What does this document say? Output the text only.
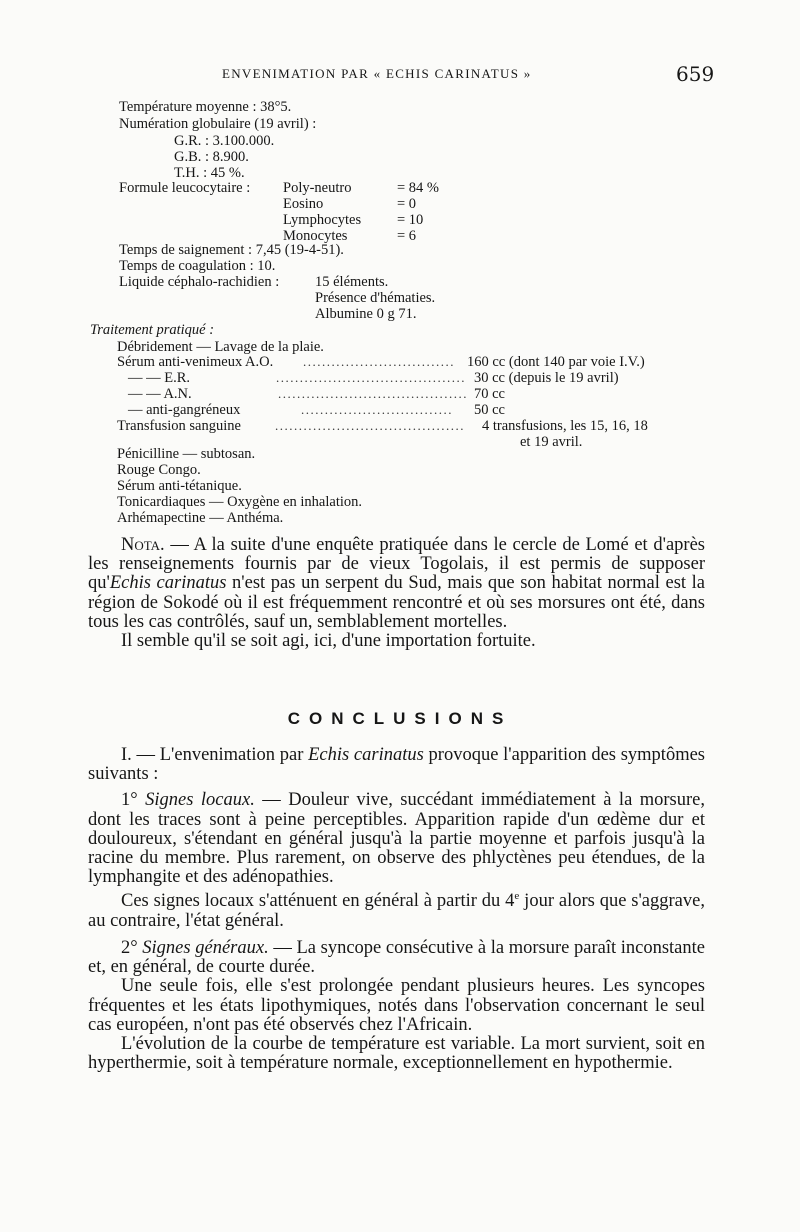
ENVENIMATION PAR « ECHIS CARINATUS »	659
Température moyenne : 38°5.
Numération globulaire (19 avril) :
G.R. : 3.100.000.
G.B. : 8.900.
T.H. : 45 %.
Formule leucocytaire : Poly-neutro	= 84 %
Eosino	= 0
Lymphocytes = 10
Monocytes	= 6
Temps de saignement : 7,45 (19-4-51).
Temps de coagulation : 10.
Liquide céphalo-rachidien : 15 éléments.
Présence d'hématies.
Albumine 0 g 71.
Traitement pratiqué :
Débridement — Lavage de la plaie.
Sérum anti-venimeux A.O. ................................ 160 cc (dont 140 par voie I.V.)
— — E.R.	........................................ 30 cc (depuis le 19 avril)
— — A.N.	........................................ 70 cc
— anti-gangréneux	................................ 50 cc
Transfusion sanguine	........................................ 4 transfusions, les 15, 16, 18
et 19 avril.
Pénicilline — subtosan.
Rouge Congo.
Sérum anti-tétanique.
Tonicardiaques — Oxygène en inhalation.
Arhémapectine — Anthéma.

Nota. — A la suite d'une enquête pratiquée dans le cercle de Lomé et d'après les renseignements fournis par de vieux Togolais, il est permis de supposer qu'Echis carinatus n'est pas un serpent du Sud, mais que son habitat normal est la région de Sokodé où il est fréquemment rencontré et où ses morsures ont été, dans tous les cas contrôlés, sauf un, semblablement mortelles.

Il semble qu'il se soit agi, ici, d'une importation fortuite.

CONCLUSIONS

I. — L'envenimation par Echis carinatus provoque l'apparition des symptômes suivants :

1° Signes locaux. — Douleur vive, succédant immédiatement à la morsure, dont les traces sont à peine perceptibles. Apparition rapide d'un œdème dur et douloureux, s'étendant en général jusqu'à la partie moyenne et parfois jusqu'à la racine du membre. Plus rarement, on observe des phlyctènes peu étendues, de la lymphangite et des adénopathies.

Ces signes locaux s'atténuent en général à partir du 4e jour alors que s'aggrave, au contraire, l'état général.

2° Signes généraux. — La syncope consécutive à la morsure paraît inconstante et, en général, de courte durée.

Une seule fois, elle s'est prolongée pendant plusieurs heures. Les syncopes fréquentes et les états lipothymiques, notés dans l'observation concernant le seul cas européen, n'ont pas été observés chez l'Africain.

L'évolution de la courbe de température est variable. La mort survient, soit en hyperthermie, soit à température normale, exceptionnellement en hypothermie.
